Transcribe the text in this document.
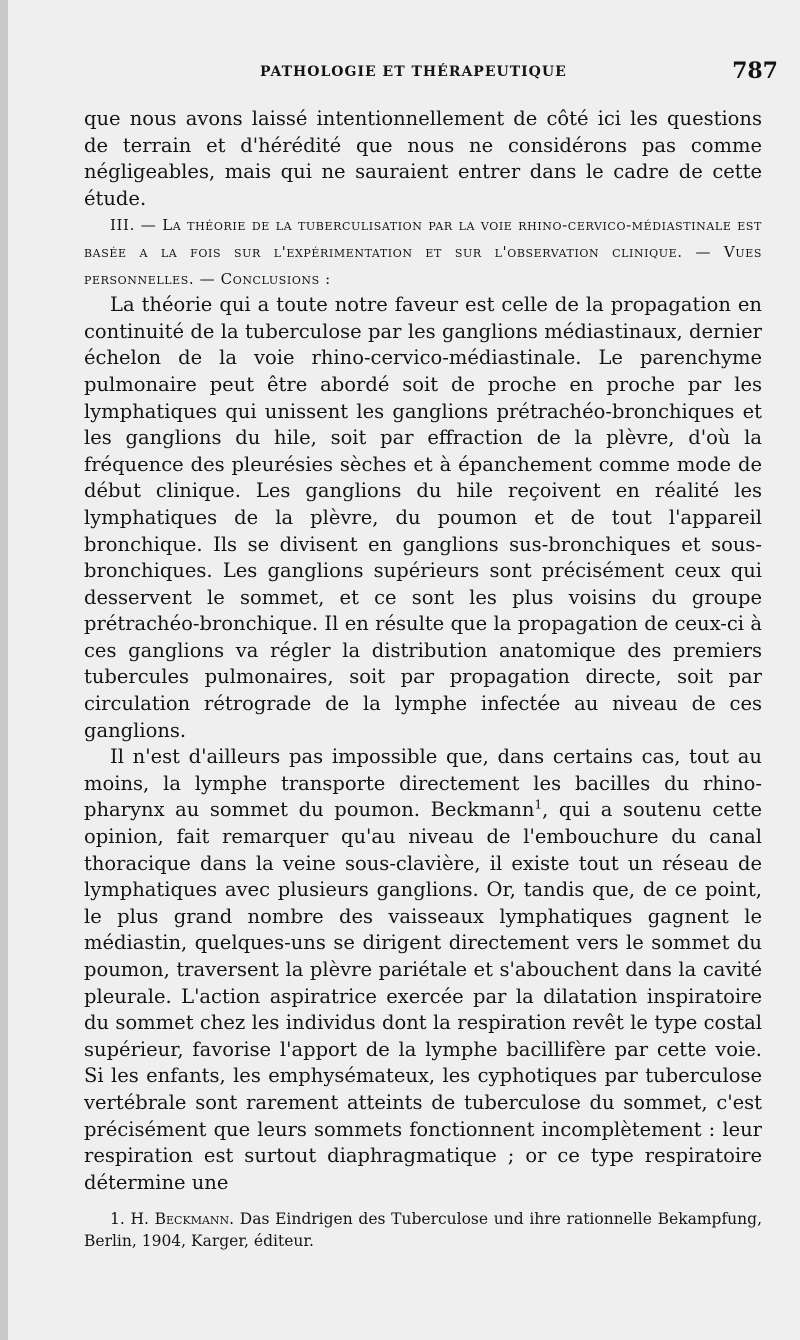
PATHOLOGIE ET THÉRAPEUTIQUE	787

que nous avons laissé intentionnellement de côté ici les questions de terrain et d'hérédité que nous ne considérons pas comme négligeables, mais qui ne sauraient entrer dans le cadre de cette étude.

III. — La théorie de la tuberculisation par la voie rhino-cervico-médiastinale est basée a la fois sur l'expérimentation et sur l'observation clinique. — Vues personnelles. — Conclusions :

La théorie qui a toute notre faveur est celle de la propagation en continuité de la tuberculose par les ganglions médiastinaux, dernier échelon de la voie rhino-cervico-médiastinale. Le parenchyme pulmonaire peut être abordé soit de proche en proche par les lymphatiques qui unissent les ganglions prétrachéo-bronchiques et les ganglions du hile, soit par effraction de la plèvre, d'où la fréquence des pleurésies sèches et à épanchement comme mode de début clinique. Les ganglions du hile reçoivent en réalité les lymphatiques de la plèvre, du poumon et de tout l'appareil bronchique. Ils se divisent en ganglions sus-bronchiques et sous-bronchiques. Les ganglions supérieurs sont précisément ceux qui desservent le sommet, et ce sont les plus voisins du groupe prétrachéo-bronchique. Il en résulte que la propagation de ceux-ci à ces ganglions va régler la distribution anatomique des premiers tubercules pulmonaires, soit par propagation directe, soit par circulation rétrograde de la lymphe infectée au niveau de ces ganglions.

Il n'est d'ailleurs pas impossible que, dans certains cas, tout au moins, la lymphe transporte directement les bacilles du rhino-pharynx au sommet du poumon. Beckmann$^1$, qui a soutenu cette opinion, fait remarquer qu'au niveau de l'embouchure du canal thoracique dans la veine sous-clavière, il existe tout un réseau de lymphatiques avec plusieurs ganglions. Or, tandis que, de ce point, le plus grand nombre des vaisseaux lymphatiques gagnent le médiastin, quelques-uns se dirigent directement vers le sommet du poumon, traversent la plèvre pariétale et s'abouchent dans la cavité pleurale. L'action aspiratrice exercée par la dilatation inspiratoire du sommet chez les individus dont la respiration revêt le type costal supérieur, favorise l'apport de la lymphe bacillifère par cette voie. Si les enfants, les emphysémateux, les cyphotiques par tuberculose vertébrale sont rarement atteints de tuberculose du sommet, c'est précisément que leurs sommets fonctionnent incomplètement : leur respiration est surtout diaphragmatique ; or ce type respiratoire détermine une

1. H. Beckmann. Das Eindrigen des Tuberculose und ihre rationnelle Bekampfung, Berlin, 1904, Karger, éditeur.
